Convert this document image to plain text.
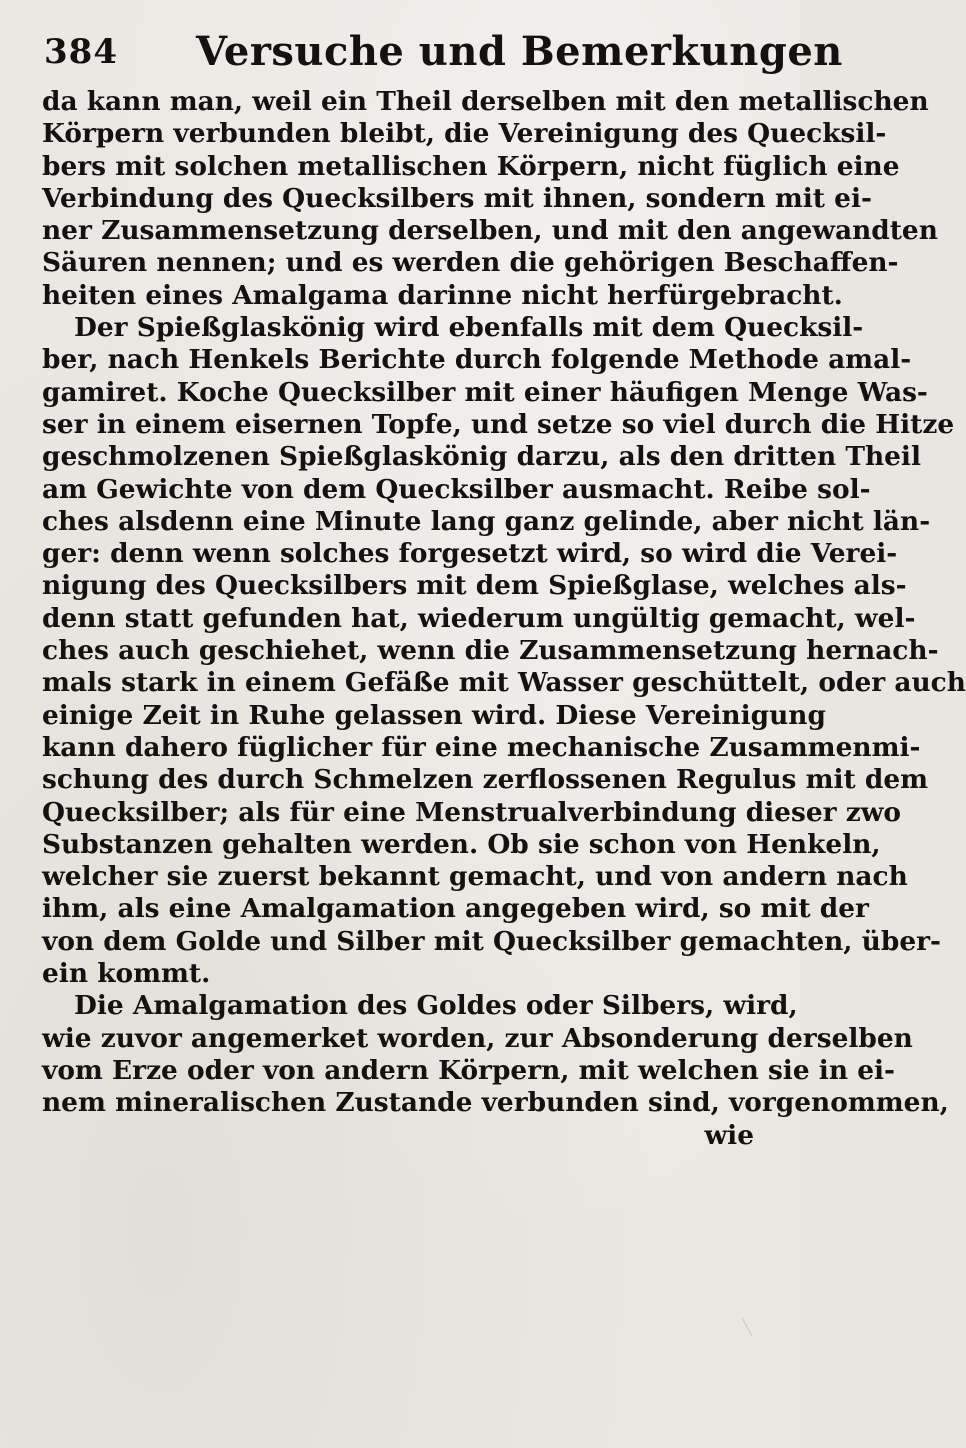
384 Versuche und Bemerkungen
da kann man, weil ein Theil derselben mit den metallischen
Körpern verbunden bleibt, die Vereinigung des Quecksil-
bers mit solchen metallischen Körpern, nicht füglich eine
Verbindung des Quecksilbers mit ihnen, sondern mit ei-
ner Zusammensetzung derselben, und mit den angewandten
Säuren nennen; und es werden die gehörigen Beschaffen-
heiten eines Amalgama darinne nicht herfürgebracht.
Der Spießglaskönig wird ebenfalls mit dem Quecksil-
ber, nach Henkels Berichte durch folgende Methode amal-
gamiret. Koche Quecksilber mit einer häufigen Menge Was-
ser in einem eisernen Topfe, und setze so viel durch die Hitze
geschmolzenen Spießglaskönig darzu, als den dritten Theil
am Gewichte von dem Quecksilber ausmacht. Reibe sol-
ches alsdenn eine Minute lang ganz gelinde, aber nicht län-
ger: denn wenn solches forgesetzt wird, so wird die Verei-
nigung des Quecksilbers mit dem Spießglase, welches als-
denn statt gefunden hat, wiederum ungültig gemacht, wel-
ches auch geschiehet, wenn die Zusammensetzung hernach-
mals stark in einem Gefäße mit Wasser geschüttelt, oder auch
einige Zeit in Ruhe gelassen wird. Diese Vereinigung
kann dahero füglicher für eine mechanische Zusammenmi-
schung des durch Schmelzen zerflossenen Regulus mit dem
Quecksilber; als für eine Menstrualverbindung dieser zwo
Substanzen gehalten werden. Ob sie schon von Henkeln,
welcher sie zuerst bekannt gemacht, und von andern nach
ihm, als eine Amalgamation angegeben wird, so mit der
von dem Golde und Silber mit Quecksilber gemachten, über-
ein kommt.
Die Amalgamation des Goldes oder Silbers, wird,
wie zuvor angemerket worden, zur Absonderung derselben
vom Erze oder von andern Körpern, mit welchen sie in ei-
nem mineralischen Zustande verbunden sind, vorgenommen,
wie
